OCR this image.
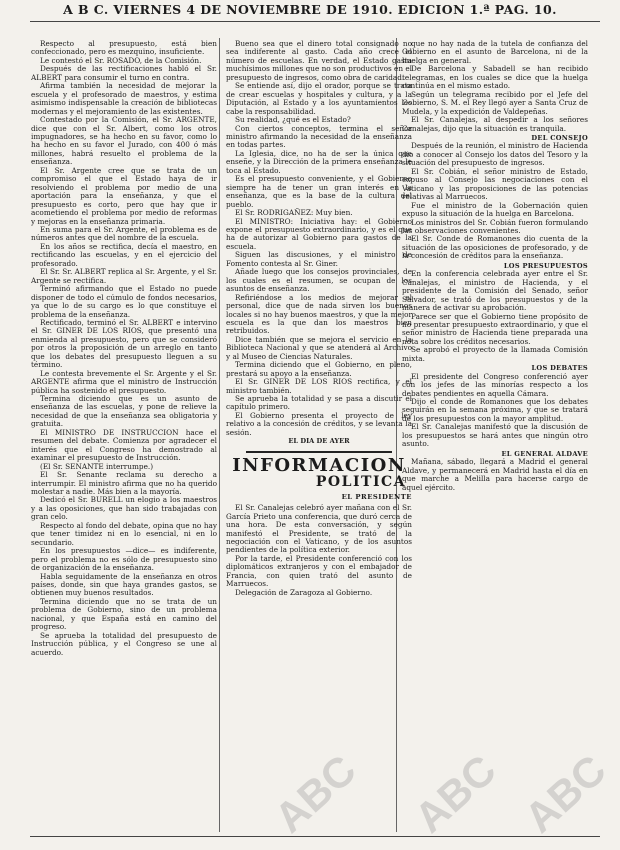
A B C. VIERNES 4 DE NOVIEMBRE DE 1910. EDICION 1.ª PAG. 10.

Respecto al presupuesto, está bien confeccionado, pero es mezquino, insuficiente.

Le contestó el Sr. ROSADO, de la Comisión.

Después de las rectificaciones habló el Sr. ALBERT para consumir el turno en contra.

Afirma también la necesidad de mejorar la escuela y el profesorado de maestros, y estima asimismo indispensable la creación de bibliotecas modernas y el mejoramiento de las existentes.

Contestado por la Comisión, el Sr. ARGENTE, dice que con el Sr. Albert, como los otros impugnadores, se ha hecho en su favor, como lo ha hecho en su favor el Jurado, con 400 ó más millones, habrá resuelto el problema de la enseñanza.

El Sr. Argente cree que se trata de un compromiso el que el Estado haya de ir resolviendo el problema por medio de una aportación para la enseñanza, y que el presupuesto es corto, pero que hay que ir acometiendo el problema por medio de reformas y mejoras en la enseñanza primaria.

En suma para el Sr. Argente, el problema es de números antes que del nombre de la escuela.

En los años se rectifica, decía el maestro, en rectificando las escuelas, y en el ejercicio del profesorado.

El Sr. Sr. ALBERT replica al Sr. Argente, y el Sr. Argente se rectifica.

Terminó afirmando que el Estado no puede disponer de todo el cúmulo de fondos necesarios, ya que lo de su cargo es lo que constituye el problema de la enseñanza.

Rectificado, terminó el Sr. ALBERT e intervino el Sr. GINER DE LOS RIOS, que presentó una enmienda al presupuesto, pero que se consideró por otros la proposición de un arreglo en tanto que los debates del presupuesto lleguen a su término.

Le contesta brevemente el Sr. Argente y el Sr. ARGENTE afirma que el ministro de Instrucción pública ha sostenido el presupuesto.

Termina diciendo que es un asunto de enseñanza de las escuelas, y pone de relieve la necesidad de que la enseñanza sea obligatoria y gratuita.

El MINISTRO DE INSTRUCCION hace el resumen del debate. Comienza por agradecer el interés que el Congreso ha demostrado al examinar el presupuesto de Instrucción.

(El Sr. SENANTE interrumpe.)

El Sr. Senante reclama su derecho a interrumpir. El ministro afirma que no ha querido molestar a nadie. Más bien a la mayoría.

Dedicó el Sr. BURELL un elogio a los maestros y a las oposiciones, que han sido trabajadas con gran celo.

Respecto al fondo del debate, opina que no hay que tener timidez ni en lo esencial, ni en lo secundario.

En los presupuestos —dice— es indiferente, pero el problema no es sólo de presupuesto sino de organización de la enseñanza.

Habla seguidamente de la enseñanza en otros países, donde, sin que haya grandes gastos, se obtienen muy buenos resultados.

Termina diciendo que no se trata de un problema de Gobierno, sino de un problema nacional, y que España está en camino del progreso.

Se aprueba la totalidad del presupuesto de Instrucción pública, y el Congreso se une al acuerdo.

Bueno sea que el dinero total consignado no sea indiferente al gasto. Cada año crece el número de escuelas. En verdad, el Estado gasta muchísimos millones que no son productivos en el presupuesto de ingresos, como obra de caridad.

Se entiende así, dijo el orador, porque se trata de crear escuelas y hospitales y cultura, y a la Diputación, al Estado y a los ayuntamientos les cabe la responsabilidad.

Su realidad, ¿qué es el Estado?

Con ciertos conceptos, termina el señor ministro afirmando la necesidad de la enseñanza en todas partes.

La Iglesia, dice, no ha de ser la única que enseñe, y la Dirección de la primera enseñanza le toca al Estado.

Es el presupuesto conveniente, y el Gobierno siempre ha de tener un gran interés en la enseñanza, que es la base de la cultura del pueblo.

El Sr. RODRIGAÑEZ: Muy bien.

El MINISTRO: Iniciativa hay: el Gobierno expone el presupuesto extraordinario, y es el que ha de autorizar al Gobierno para gastos de la escuela.

Siguen las discusiones, y el ministro de Fomento contesta al Sr. Giner.

Añade luego que los consejos provinciales, de los cuales es el resumen, se ocupan de los asuntos de enseñanza.

Refiriéndose a los medios de mejorar el personal, dice que de nada sirven los buenos locales si no hay buenos maestros, y que la mejor escuela es la que dan los maestros bien retribuidos.

Dice también que se mejora el servicio en la Biblioteca Nacional y que se atenderá al Archivo y al Museo de Ciencias Naturales.

Termina diciendo que el Gobierno, en pleno, prestará su apoyo a la enseñanza.

El Sr. GINER DE LOS RIOS rectifica, y el ministro también.

Se aprueba la totalidad y se pasa a discutir el capítulo primero.

El Gobierno presenta el proyecto de ley relativo a la concesión de créditos, y se levanta la sesión.

EL DIA DE AYER

INFORMACION
POLITICA
EL PRESIDENTE

El Sr. Canalejas celebró ayer mañana con el Sr. García Prieto una conferencia, que duró cerca de una hora. De esta conversación, y según manifestó el Presidente, se trató de la negociación con el Vaticano, y de los asuntos pendientes de la política exterior.

Por la tarde, el Presidente conferenció con los diplomáticos extranjeros y con el embajador de Francia, con quien trató del asunto de Marruecos.

Delegación de Zaragoza al Gobierno.

que no hay nada de la tutela de confianza del Gobierno en el asunto de Barcelona, ni de la huelga en general.

De Barcelona y Sabadell se han recibido telegramas, en los cuales se dice que la huelga continúa en el mismo estado.

Según un telegrama recibido por el Jefe del Gobierno, S. M. el Rey llegó ayer a Santa Cruz de Mudela, y la expedición de Valdepeñas.

El Sr. Canalejas, al despedir a los señores Canalejas, dijo que la situación es tranquila.

DEL CONSEJO

Después de la reunión, el ministro de Hacienda dio a conocer al Consejo los datos del Tesoro y la situación del presupuesto de ingresos.

El Sr. Cobián, el señor ministro de Estado, expuso al Consejo las negociaciones con el Vaticano y las proposiciones de las potencias relativas al Marruecos.

Fue el ministro de la Gobernación quien expuso la situación de la huelga en Barcelona.

Los ministros del Sr. Cobián fueron formulando las observaciones convenientes.

El Sr. Conde de Romanones dio cuenta de la situación de las oposiciones de profesorado, y de la concesión de créditos para la enseñanza.

LOS PRESUPUESTOS

En la conferencia celebrada ayer entre el Sr. Canalejas, el ministro de Hacienda, y el presidente de la Comisión del Senado, señor Salvador, se trató de los presupuestos y de la manera de activar su aprobación.

Parece ser que el Gobierno tiene propósito de no presentar presupuesto extraordinario, y que el señor ministro de Hacienda tiene preparada una nota sobre los créditos necesarios.

Se aprobó el proyecto de la llamada Comisión mixta.

LOS DEBATES

El presidente del Congreso conferenció ayer con los jefes de las minorías respecto a los debates pendientes en aquella Cámara.

Dijo el conde de Romanones que los debates seguirán en la semana próxima, y que se tratará de los presupuestos con la mayor amplitud.

El Sr. Canalejas manifestó que la discusión de los presupuestos se hará antes que ningún otro asunto.

EL GENERAL ALDAVE

Mañana, sábado, llegará a Madrid el general Aldave, y permanecerá en Madrid hasta el día en que marche a Melilla para hacerse cargo de aquel ejército.

ABC ABC ABC
